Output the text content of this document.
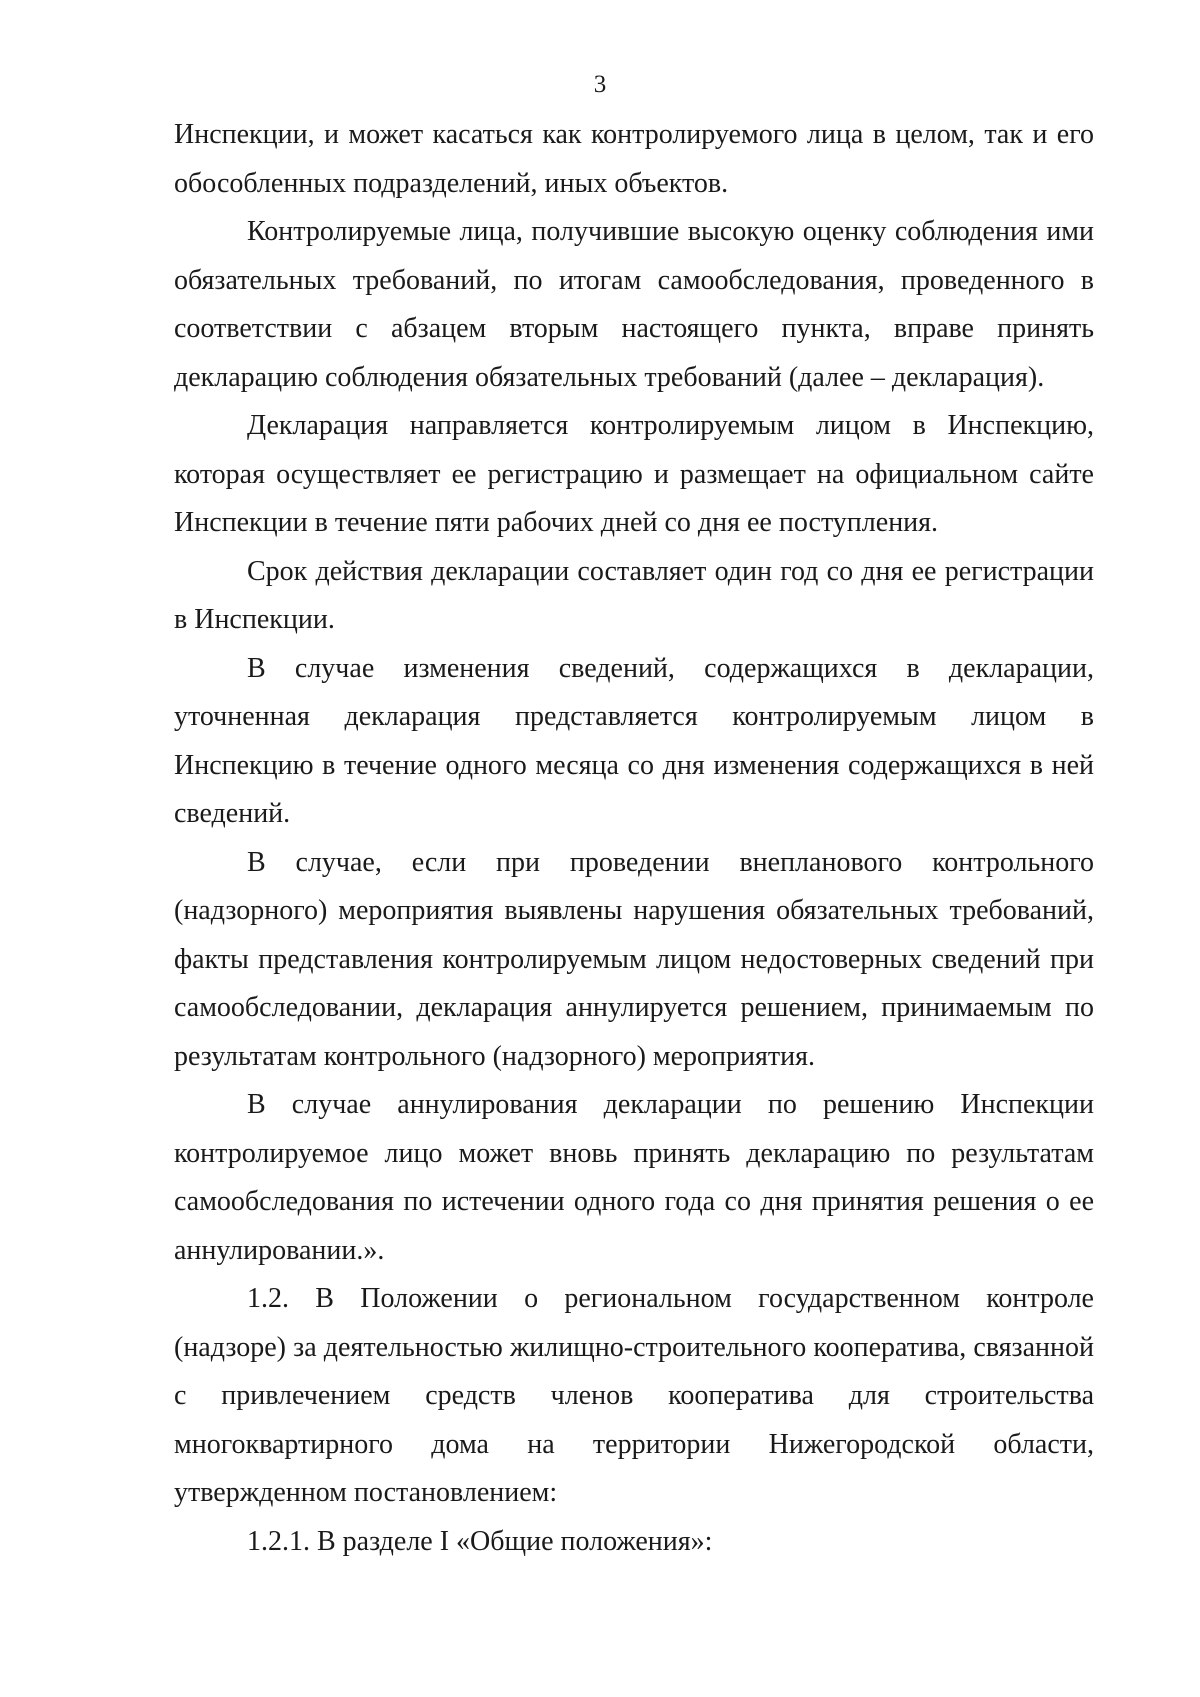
3

Инспекции, и может касаться как контролируемого лица в целом, так и его обособленных подразделений, иных объектов.

Контролируемые лица, получившие высокую оценку соблюдения ими обязательных требований, по итогам самообследования, проведенного в соответствии с абзацем вторым настоящего пункта, вправе принять декларацию соблюдения обязательных требований (далее – декларация).

Декларация направляется контролируемым лицом в Инспекцию, которая осуществляет ее регистрацию и размещает на официальном сайте Инспекции в течение пяти рабочих дней со дня ее поступления.

Срок действия декларации составляет один год со дня ее регистрации в Инспекции.

В случае изменения сведений, содержащихся в декларации, уточненная декларация представляется контролируемым лицом в Инспекцию в течение одного месяца со дня изменения содержащихся в ней сведений.

В случае, если при проведении внепланового контрольного (надзорного) мероприятия выявлены нарушения обязательных требований, факты представления контролируемым лицом недостоверных сведений при самообследовании, декларация аннулируется решением, принимаемым по результатам контрольного (надзорного) мероприятия.

В случае аннулирования декларации по решению Инспекции контролируемое лицо может вновь принять декларацию по результатам самообследования по истечении одного года со дня принятия решения о ее аннулировании.».

1.2. В Положении о региональном государственном контроле (надзоре) за деятельностью жилищно-строительного кооператива, связанной с привлечением средств членов кооператива для строительства многоквартирного дома на территории Нижегородской области, утвержденном постановлением:

1.2.1. В разделе I «Общие положения»:
